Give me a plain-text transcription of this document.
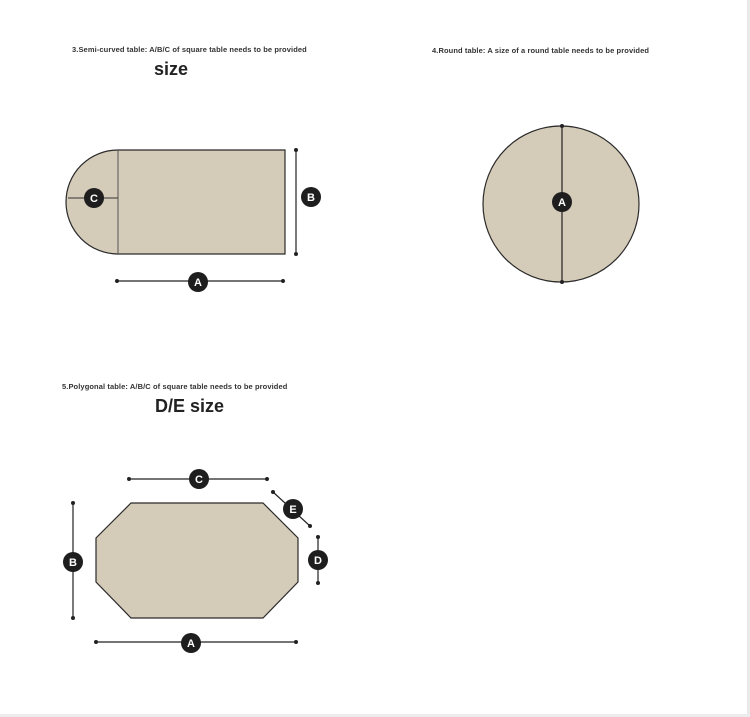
3.Semi-curved table: A/B/C of square table needs to be provided
size
4.Round table: A size of a round table needs to be provided
5.Polygonal table: A/B/C of square table needs to be provided
D/E size
C	B
A
A
C
E
D
B
A
